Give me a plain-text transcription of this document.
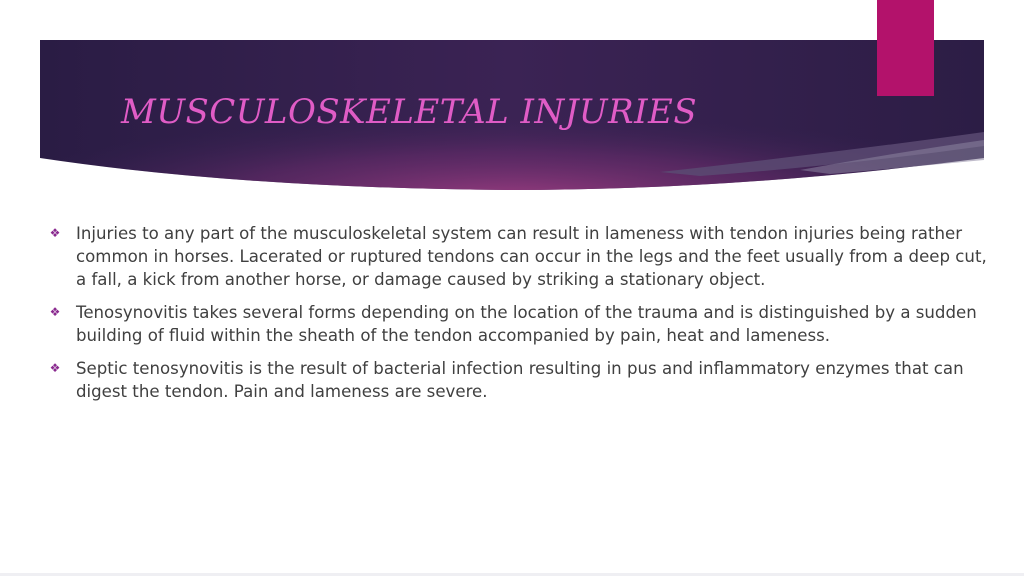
MUSCULOSKELETAL INJURIES
❖ Injuries to any part of the musculoskeletal system can result in lameness with tendon injuries being rather common in horses. Lacerated or ruptured tendons can occur in the legs and the feet usually from a deep cut, a fall, a kick from another horse, or damage caused by striking a stationary object.
❖ Tenosynovitis takes several forms depending on the location of the trauma and is distinguished by a sudden building of fluid within the sheath of the tendon accompanied by pain, heat and lameness.
❖ Septic tenosynovitis is the result of bacterial infection resulting in pus and inflammatory enzymes that can digest the tendon. Pain and lameness are severe.
